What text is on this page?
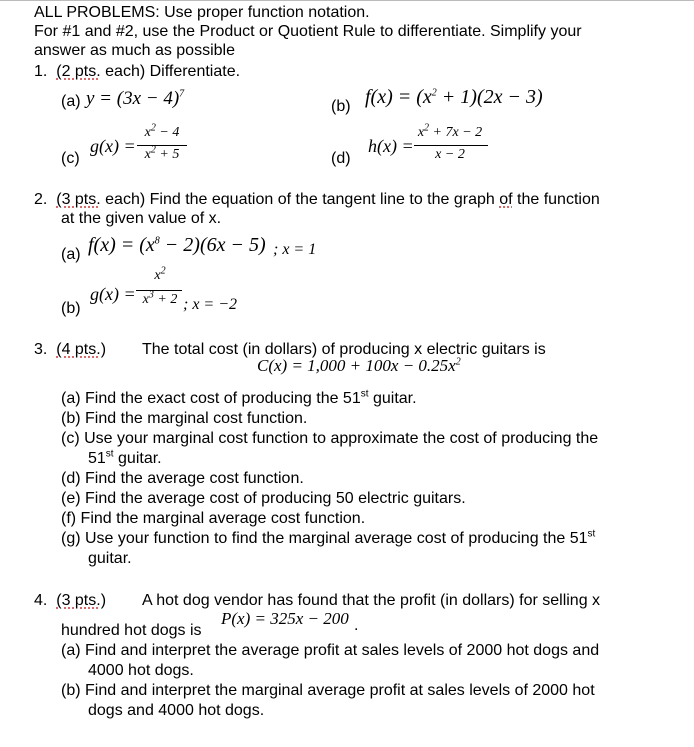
ALL PROBLEMS: Use proper function notation.
For #1 and #2, use the Product or Quotient Rule to differentiate. Simplify your
answer as much as possible
1. (2 pts. each) Differentiate.
(a) $y = (3x - 4)^7$
(b) $f(x) = (x^2 + 1)(2x - 3)$
(c)
g(x) =
$x^2 - 4$
$x^2 + 5$	(d)
h(x) =
$x^2 + 7x - 2$
x − 2
2. (3 pts. each) Find the equation of the tangent line to the graph of the function
at the given value of x.
(a) $f(x) = (x^8 - 2)(6x - 5)$ ; x = 1
(b)
g(x) =
$x^2$
$x^3 + 2$ ; x = −2
3. (4 pts.) The total cost (in dollars) of producing x electric guitars is
$C(x) = 1,000 + 100x - 0.25x^2$
(a) Find the exact cost of producing the 51st guitar.
(b) Find the marginal cost function.
(c) Use your marginal cost function to approximate the cost of producing the
51st guitar.
(d) Find the average cost function.
(e) Find the average cost of producing 50 electric guitars.
(f) Find the marginal average cost function.
(g) Use your function to find the marginal average cost of producing the 51st
guitar.
4. (3 pts.) A hot dog vendor has found that the profit (in dollars) for selling x
hundred hot dogs is
P(x) = 325x − 200 .
(a) Find and interpret the average profit at sales levels of 2000 hot dogs and
4000 hot dogs.
(b) Find and interpret the marginal average profit at sales levels of 2000 hot
dogs and 4000 hot dogs.
